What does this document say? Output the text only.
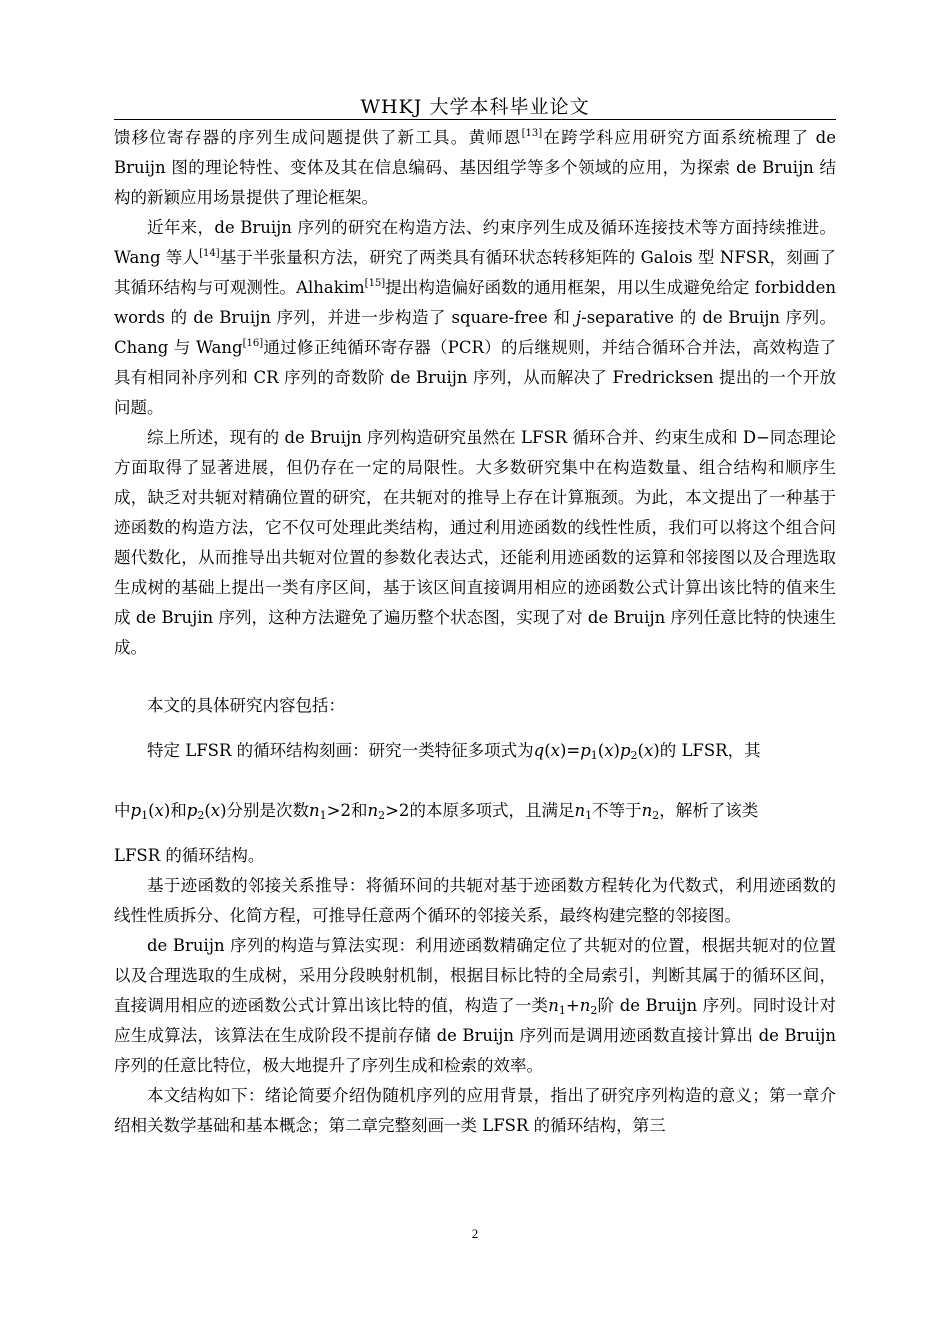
WHKJ 大学本科毕业论文

馈移位寄存器的序列生成问题提供了新工具。黄师恩[13]在跨学科应用研究方面系统梳理了 de Bruijn 图的理论特性、变体及其在信息编码、基因组学等多个领域的应用，为探索 de Bruijn 结构的新颖应用场景提供了理论框架。

近年来，de Bruijn 序列的研究在构造方法、约束序列生成及循环连接技术等方面持续推进。Wang 等人[14]基于半张量积方法，研究了两类具有循环状态转移矩阵的 Galois 型 NFSR，刻画了其循环结构与可观测性。Alhakim[15]提出构造偏好函数的通用框架，用以生成避免给定 forbidden words 的 de Bruijn 序列，并进一步构造了 square-free 和 j-separative 的 de Bruijn 序列。Chang 与 Wang[16]通过修正纯循环寄存器（PCR）的后继规则，并结合循环合并法，高效构造了具有相同补序列和 CR 序列的奇数阶 de Bruijn 序列，从而解决了 Fredricksen 提出的一个开放问题。

综上所述，现有的 de Bruijn 序列构造研究虽然在 LFSR 循环合并、约束生成和 D−同态理论方面取得了显著进展，但仍存在一定的局限性。大多数研究集中在构造数量、组合结构和顺序生成，缺乏对共轭对精确位置的研究，在共轭对的推导上存在计算瓶颈。为此，本文提出了一种基于迹函数的构造方法，它不仅可处理此类结构，通过利用迹函数的线性性质，我们可以将这个组合问题代数化，从而推导出共轭对位置的参数化表达式，还能利用迹函数的运算和邻接图以及合理选取生成树的基础上提出一类有序区间，基于该区间直接调用相应的迹函数公式计算出该比特的值来生成 de Brujin 序列，这种方法避免了遍历整个状态图，实现了对 de Bruijn 序列任意比特的快速生成。

本文的具体研究内容包括：

特定 LFSR 的循环结构刻画：研究一类特征多项式为$q(x)=p_1(x)p_2(x)$的 LFSR，其
中$p_1(x)$和$p_2(x)$分别是次数$n_1>2$和$n_2>2$的本原多项式，且满足$n_1$不等于$n_2$，解析了该类

LFSR 的循环结构。

基于迹函数的邻接关系推导：将循环间的共轭对基于迹函数方程转化为代数式，利用迹函数的线性性质拆分、化简方程，可推导任意两个循环的邻接关系，最终构建完整的邻接图。

de Bruijn 序列的构造与算法实现：利用迹函数精确定位了共轭对的位置，根据共轭对的位置以及合理选取的生成树，采用分段映射机制，根据目标比特的全局索引，判断其属于的循环区间，直接调用相应的迹函数公式计算出该比特的值，构造了一类$n_1+n_2$阶 de Bruijn 序列。同时设计对应生成算法，该算法在生成阶段不提前存储 de Bruijn 序列而是调用迹函数直接计算出 de Bruijn 序列的任意比特位，极大地提升了序列生成和检索的效率。

本文结构如下：绪论简要介绍伪随机序列的应用背景，指出了研究序列构造的意义；第一章介绍相关数学基础和基本概念；第二章完整刻画一类 LFSR 的循环结构，第三

2
